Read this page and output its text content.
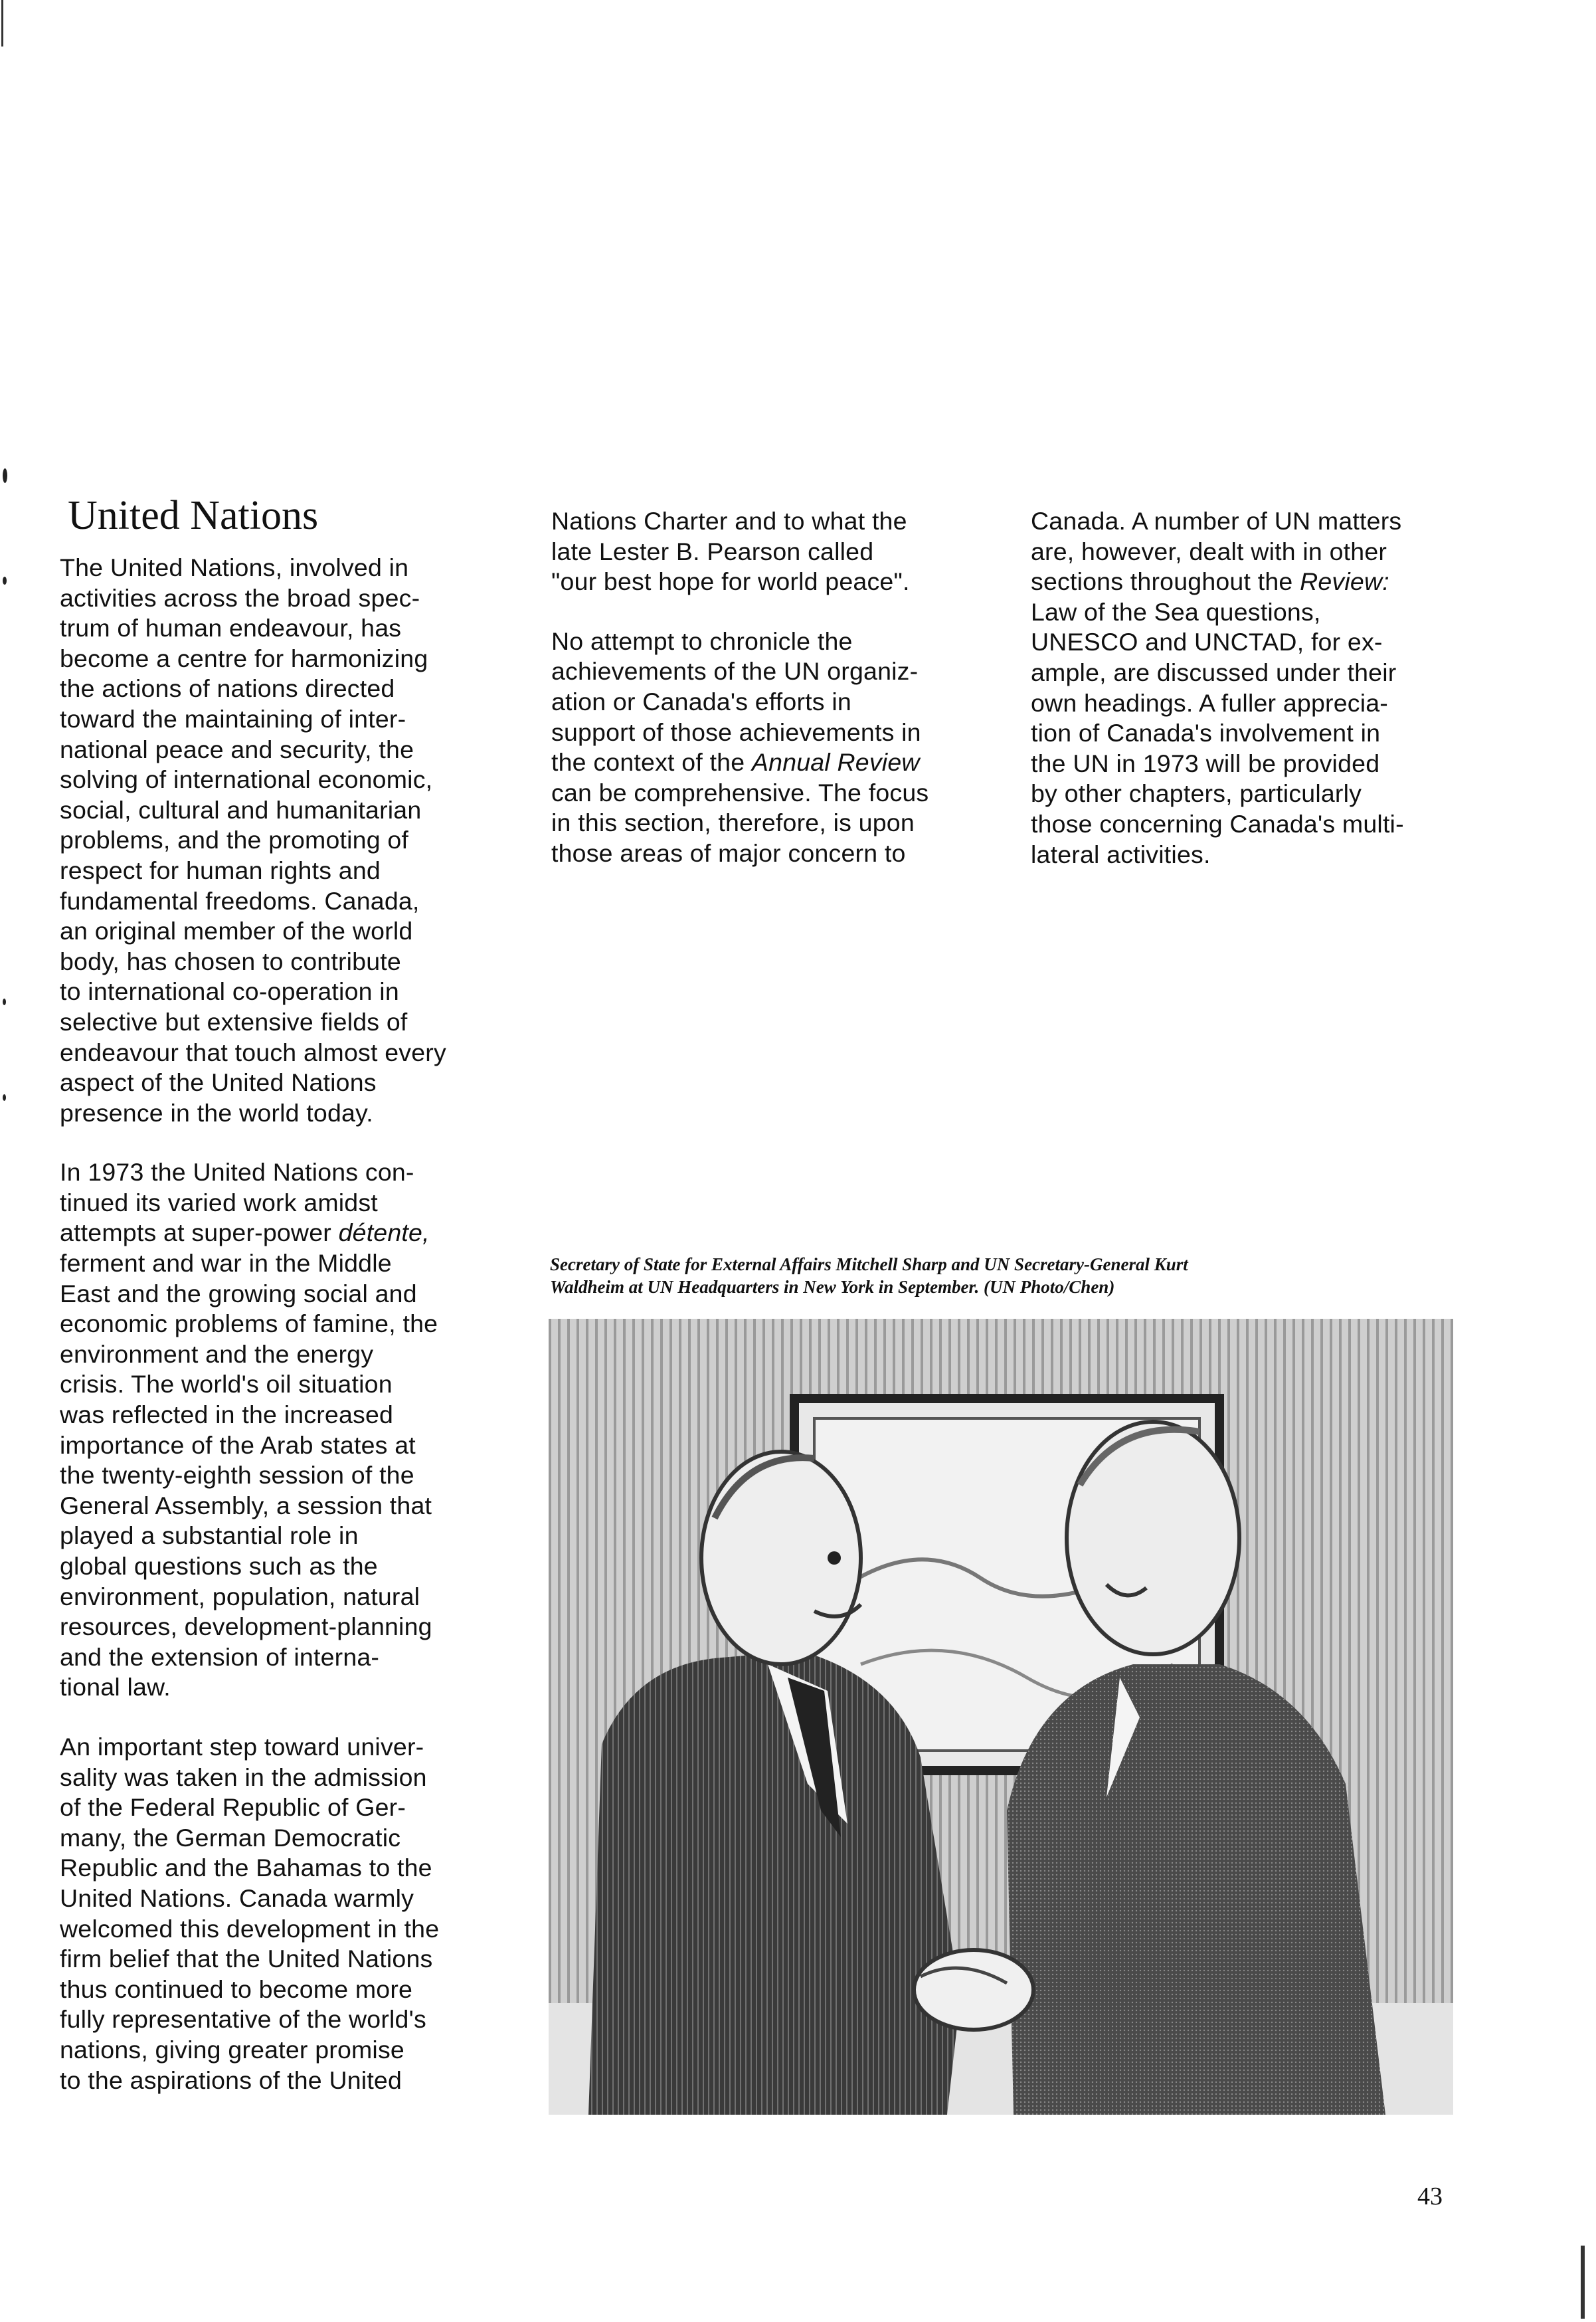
United Nations

The United Nations, involved in
activities across the broad spec-
trum of human endeavour, has
become a centre for harmonizing
the actions of nations directed
toward the maintaining of inter-
national peace and security, the
solving of international economic,
social, cultural and humanitarian
problems, and the promoting of
respect for human rights and
fundamental freedoms. Canada,
an original member of the world
body, has chosen to contribute
to international co-operation in
selective but extensive fields of
endeavour that touch almost every
aspect of the United Nations
presence in the world today.

In 1973 the United Nations con-
tinued its varied work amidst
attempts at super-power détente,
ferment and war in the Middle
East and the growing social and
economic problems of famine, the
environment and the energy
crisis. The world's oil situation
was reflected in the increased
importance of the Arab states at
the twenty-eighth session of the
General Assembly, a session that
played a substantial role in
global questions such as the
environment, population, natural
resources, development-planning
and the extension of interna-
tional law.

An important step toward univer-
sality was taken in the admission
of the Federal Republic of Ger-
many, the German Democratic
Republic and the Bahamas to the
United Nations. Canada warmly
welcomed this development in the
firm belief that the United Nations
thus continued to become more
fully representative of the world's
nations, giving greater promise
to the aspirations of the United

Nations Charter and to what the
late Lester B. Pearson called
"our best hope for world peace".

No attempt to chronicle the
achievements of the UN organiz-
ation or Canada's efforts in
support of those achievements in
the context of the Annual Review
can be comprehensive. The focus
in this section, therefore, is upon
those areas of major concern to

Canada. A number of UN matters
are, however, dealt with in other
sections throughout the Review:
Law of the Sea questions,
UNESCO and UNCTAD, for ex-
ample, are discussed under their
own headings. A fuller apprecia-
tion of Canada's involvement in
the UN in 1973 will be provided
by other chapters, particularly
those concerning Canada's multi-
lateral activities.

Secretary of State for External Affairs Mitchell Sharp and UN Secretary-General Kurt
Waldheim at UN Headquarters in New York in September. (UN Photo/Chen)
43
